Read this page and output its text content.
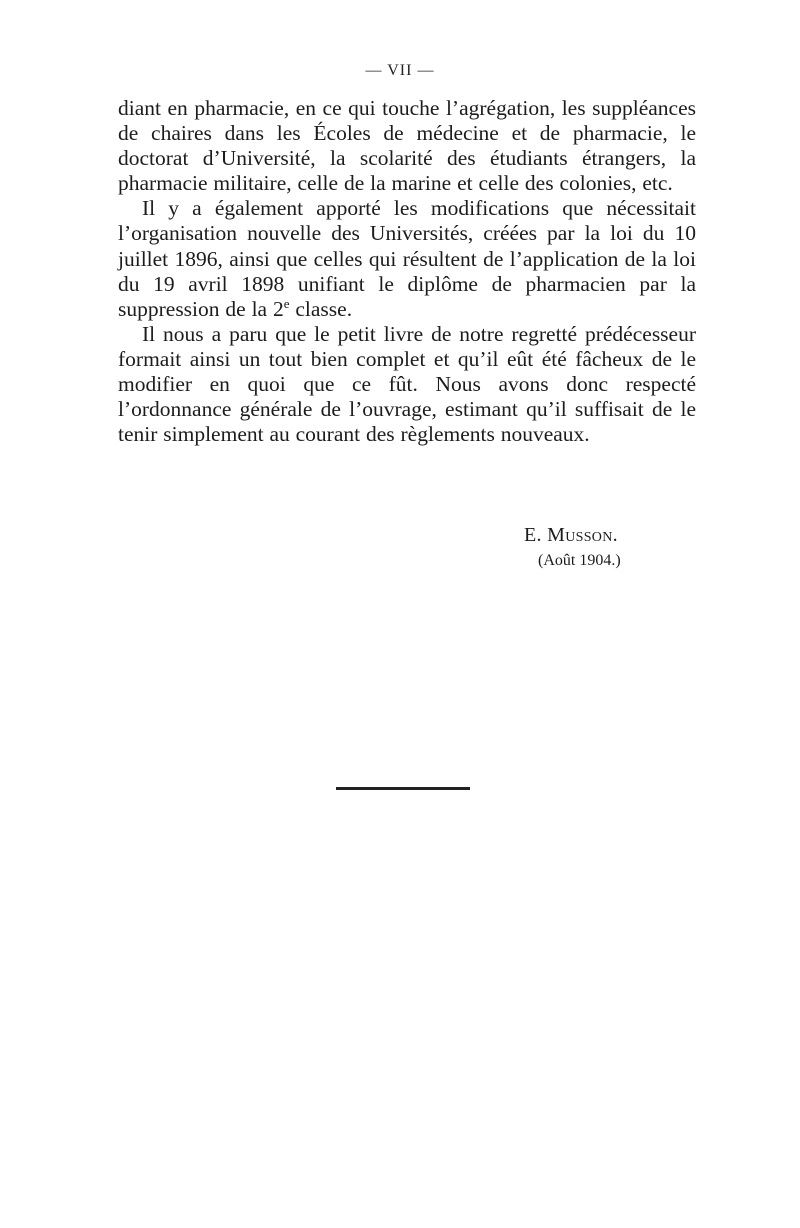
— VII —

diant en pharmacie, en ce qui touche l’agrégation, les suppléances de chaires dans les Écoles de médecine et de pharmacie, le doctorat d’Université, la scolarité des étudiants étrangers, la pharmacie militaire, celle de la marine et celle des colonies, etc.

Il y a également apporté les modifications que nécessitait l’organisation nouvelle des Universités, créées par la loi du 10 juillet 1896, ainsi que celles qui résultent de l’application de la loi du 19 avril 1898 unifiant le diplôme de pharmacien par la suppression de la 2e classe.

Il nous a paru que le petit livre de notre regretté prédécesseur formait ainsi un tout bien complet et qu’il eût été fâcheux de le modifier en quoi que ce fût. Nous avons donc respecté l’ordonnance générale de l’ouvrage, estimant qu’il suffisait de le tenir simplement au courant des règlements nouveaux.

E. Musson.
(Août 1904.)
